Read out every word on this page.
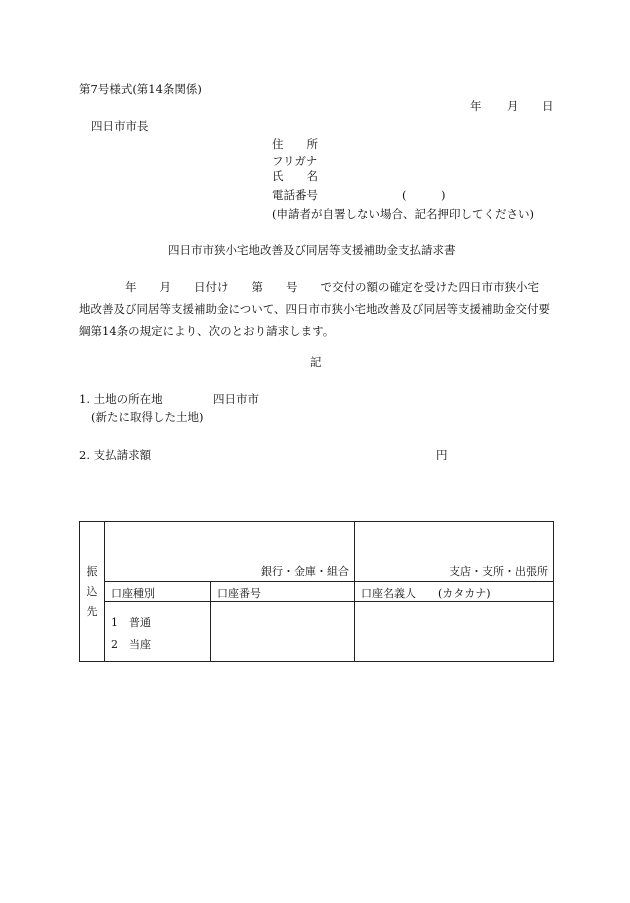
第7号様式(第14条関係)
年 月 日
四日市市長
住　　所
フリガナ
氏　　名
電話番号	(　　　)
(申請者が自署しない場合、記名押印してください)
四日市市狭小宅地改善及び同居等支援補助金支払請求書
　　　　年　　月　　日付け　　第　　号　　で交付の額の確定を受けた四日市市狭小宅
地改善及び同居等支援補助金について、四日市市狭小宅地改善及び同居等支援補助金交付要
綱第14条の規定により、次のとおり請求します。
記
1. 土地の所在地	四日市市
(新たに取得した土地)
2. 支払請求額	円
振込先	銀行・金庫・組合		支店・支所・出張所

	口座種別	口座番号	口座名義人　　(カタカナ)

	1　普通
2　当座		
